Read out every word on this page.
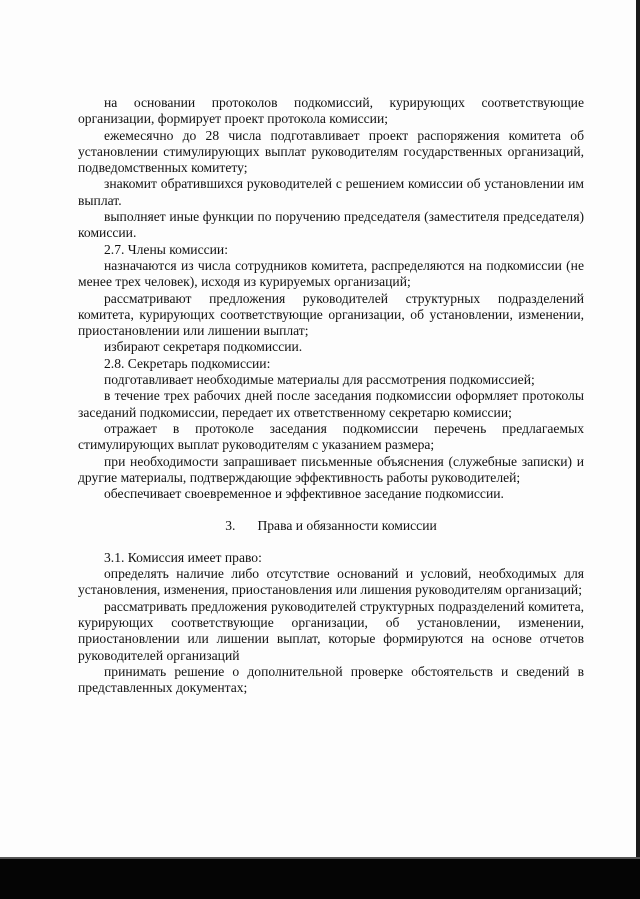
на основании протоколов подкомиссий, курирующих соответствующие организации, формирует проект протокола комиссии;

ежемесячно до 28 числа подготавливает проект распоряжения комитета об установлении стимулирующих выплат руководителям государственных организаций, подведомственных комитету;

знакомит обратившихся руководителей с решением комиссии об установлении им выплат.

выполняет иные функции по поручению председателя (заместителя председателя) комиссии.

2.7. Члены комиссии:

назначаются из числа сотрудников комитета, распределяются на подкомиссии (не менее трех человек), исходя из курируемых организаций;

рассматривают предложения руководителей структурных подразделений комитета, курирующих соответствующие организации, об установлении, изменении, приостановлении или лишении выплат;

избирают секретаря подкомиссии.

2.8. Секретарь подкомиссии:

подготавливает необходимые материалы для рассмотрения подкомиссией;

в течение трех рабочих дней после заседания подкомиссии оформляет протоколы заседаний подкомиссии, передает их ответственному секретарю комиссии;

отражает в протоколе заседания подкомиссии перечень предлагаемых стимулирующих выплат руководителям с указанием размера;

при необходимости запрашивает письменные объяснения (служебные записки) и другие материалы, подтверждающие эффективность работы руководителей;

обеспечивает своевременное и эффективное заседание подкомиссии.

3. Права и обязанности комиссии

3.1. Комиссия имеет право:

определять наличие либо отсутствие оснований и условий, необходимых для установления, изменения, приостановления или лишения руководителям организаций;

рассматривать предложения руководителей структурных подразделений комитета, курирующих соответствующие организации, об установлении, изменении, приостановлении или лишении выплат, которые формируются на основе отчетов руководителей организаций

принимать решение о дополнительной проверке обстоятельств и сведений в представленных документах;
